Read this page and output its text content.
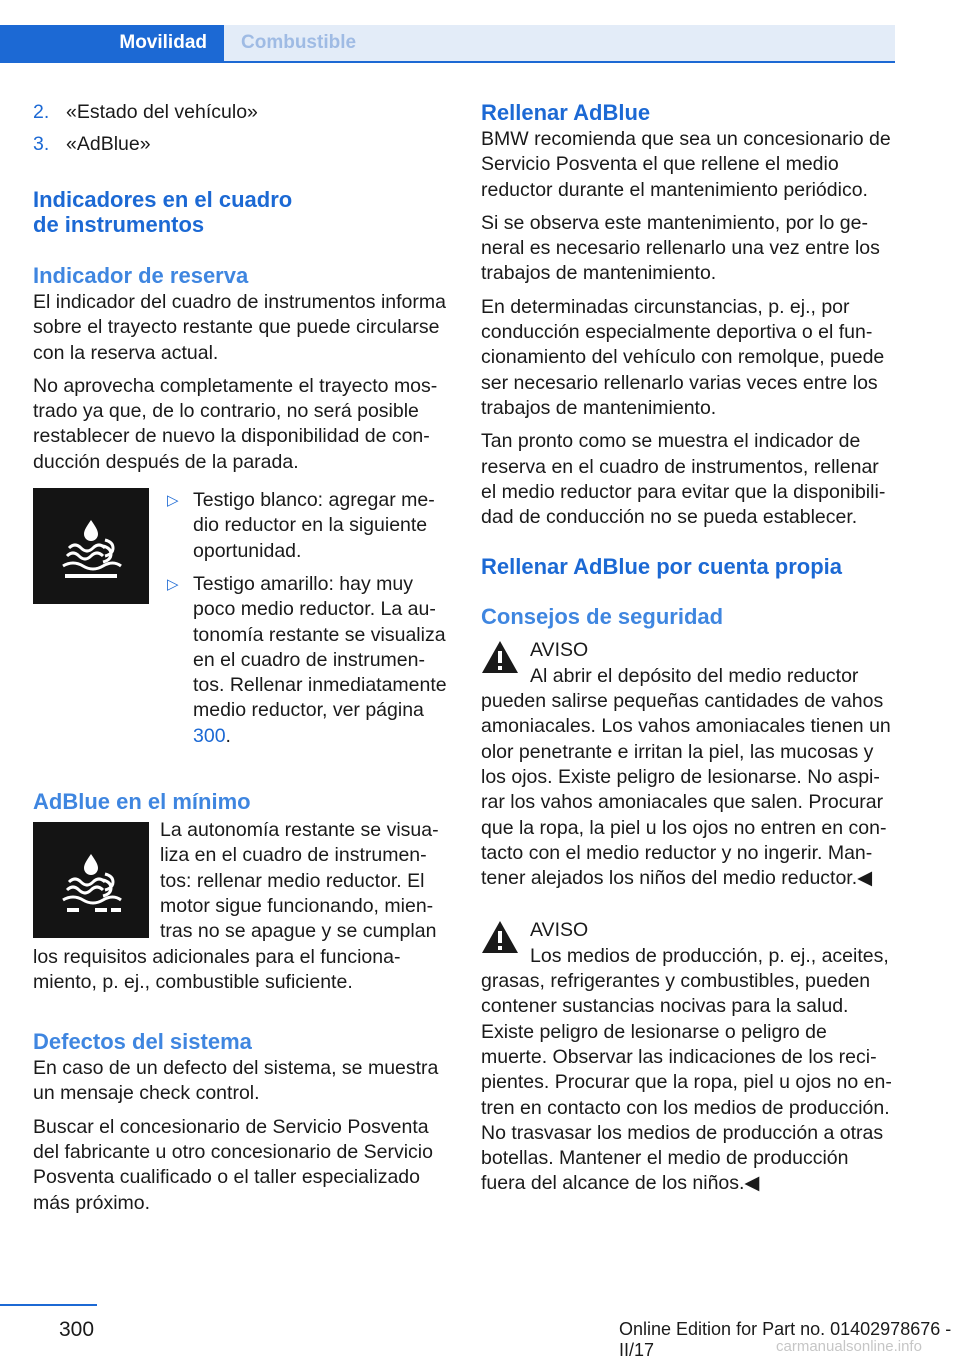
Movilidad	Combustible
2. «Estado del vehículo»
3. «AdBlue»
Indicadores en el cuadro
de instrumentos
Indicador de reserva

El indicador del cuadro de instrumentos informa sobre el trayecto restante que puede circularse con la reserva actual.

No aprovecha completamente el trayecto mostrado ya que, de lo contrario, no será posible restablecer de nuevo la disponibilidad de conducción después de la parada.

▷ Testigo blanco: agregar medio reductor en la siguiente oportunidad.

▷ Testigo amarillo: hay muy poco medio reductor. La autonomía restante se visualiza en el cuadro de instrumentos. Rellenar inmediatamente medio reductor, ver página 300.

AdBlue en el mínimo

La autonomía restante se visualiza en el cuadro de instrumentos: rellenar medio reductor. El motor sigue funcionando, mientras no se apague y se cumplan los requisitos adicionales para el funcionamiento, p. ej., combustible suficiente.

Defectos del sistema

En caso de un defecto del sistema, se muestra un mensaje check control.

Buscar el concesionario de Servicio Posventa del fabricante u otro concesionario de Servicio Posventa cualificado o el taller especializado más próximo.

Rellenar AdBlue

BMW recomienda que sea un concesionario de Servicio Posventa el que rellene el medio reductor durante el mantenimiento periódico.

Si se observa este mantenimiento, por lo general es necesario rellenarlo una vez entre los trabajos de mantenimiento.

En determinadas circunstancias, p. ej., por conducción especialmente deportiva o el funcionamiento del vehículo con remolque, puede ser necesario rellenarlo varias veces entre los trabajos de mantenimiento.

Tan pronto como se muestra el indicador de reserva en el cuadro de instrumentos, rellenar el medio reductor para evitar que la disponibilidad de conducción no se pueda establecer.

Rellenar AdBlue por cuenta propia
Consejos de seguridad

AVISO

Al abrir el depósito del medio reductor

pueden salirse pequeñas cantidades de vahos amoniacales. Los vahos amoniacales tienen un olor penetrante e irritan la piel, las mucosas y los ojos. Existe peligro de lesionarse. No aspirar los vahos amoniacales que salen. Procurar que la ropa, la piel u los ojos no entren en contacto con el medio reductor y no ingerir. Mantener alejados los niños del medio reductor.◀

AVISO

Los medios de producción, p. ej., aceites,

grasas, refrigerantes y combustibles, pueden contener sustancias nocivas para la salud. Existe peligro de lesionarse o peligro de muerte. Observar las indicaciones de los recipientes. Procurar que la ropa, piel u ojos no entren en contacto con los medios de producción. No trasvasar los medios de producción a otras botellas. Mantener el medio de producción fuera del alcance de los niños.◀

300	Online Edition for Part no. 01402978676 - II/17	carmanualsonline.info
